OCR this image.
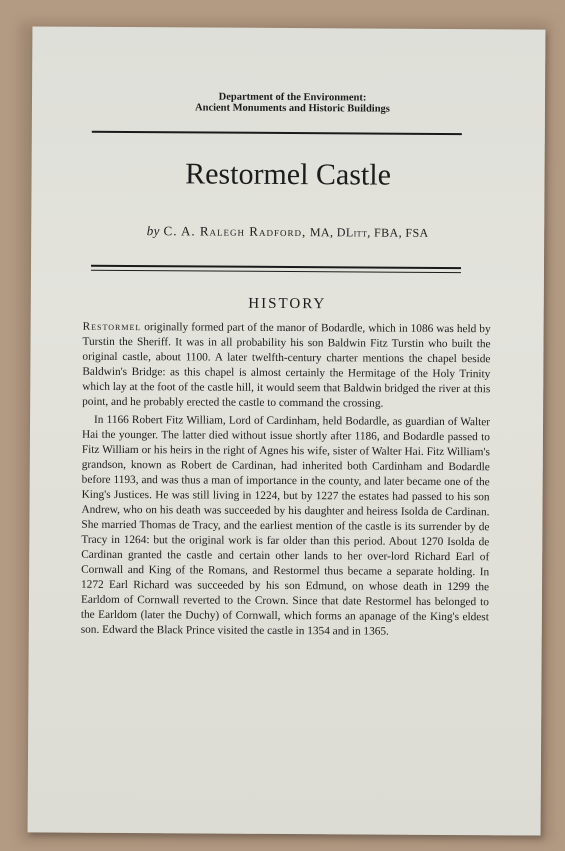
Department of the Environment:
Ancient Monuments and Historic Buildings
Restormel Castle
by C. A. Ralegh Radford, MA, DLitt, FBA, FSA
HISTORY

Restormel originally formed part of the manor of Bodardle, which in 1086 was held by Turstin the Sheriff. It was in all probability his son Baldwin Fitz Turstin who built the original castle, about 1100. A later twelfth-century charter mentions the chapel beside Baldwin's Bridge: as this chapel is almost certainly the Hermitage of the Holy Trinity which lay at the foot of the castle hill, it would seem that Baldwin bridged the river at this point, and he probably erected the castle to command the crossing.

In 1166 Robert Fitz William, Lord of Cardinham, held Bodardle, as guardian of Walter Hai the younger. The latter died without issue shortly after 1186, and Bodardle passed to Fitz William or his heirs in the right of Agnes his wife, sister of Walter Hai. Fitz William's grandson, known as Robert de Cardinan, had inherited both Cardinham and Bodardle before 1193, and was thus a man of importance in the county, and later became one of the King's Justices. He was still living in 1224, but by 1227 the estates had passed to his son Andrew, who on his death was succeeded by his daughter and heiress Isolda de Cardinan. She married Thomas de Tracy, and the earliest mention of the castle is its surrender by de Tracy in 1264: but the original work is far older than this period. About 1270 Isolda de Cardinan granted the castle and certain other lands to her over-lord Richard Earl of Cornwall and King of the Romans, and Restormel thus became a separate holding. In 1272 Earl Richard was succeeded by his son Edmund, on whose death in 1299 the Earldom of Cornwall reverted to the Crown. Since that date Restormel has belonged to the Earldom (later the Duchy) of Cornwall, which forms an apanage of the King's eldest son. Edward the Black Prince visited the castle in 1354 and in 1365.
